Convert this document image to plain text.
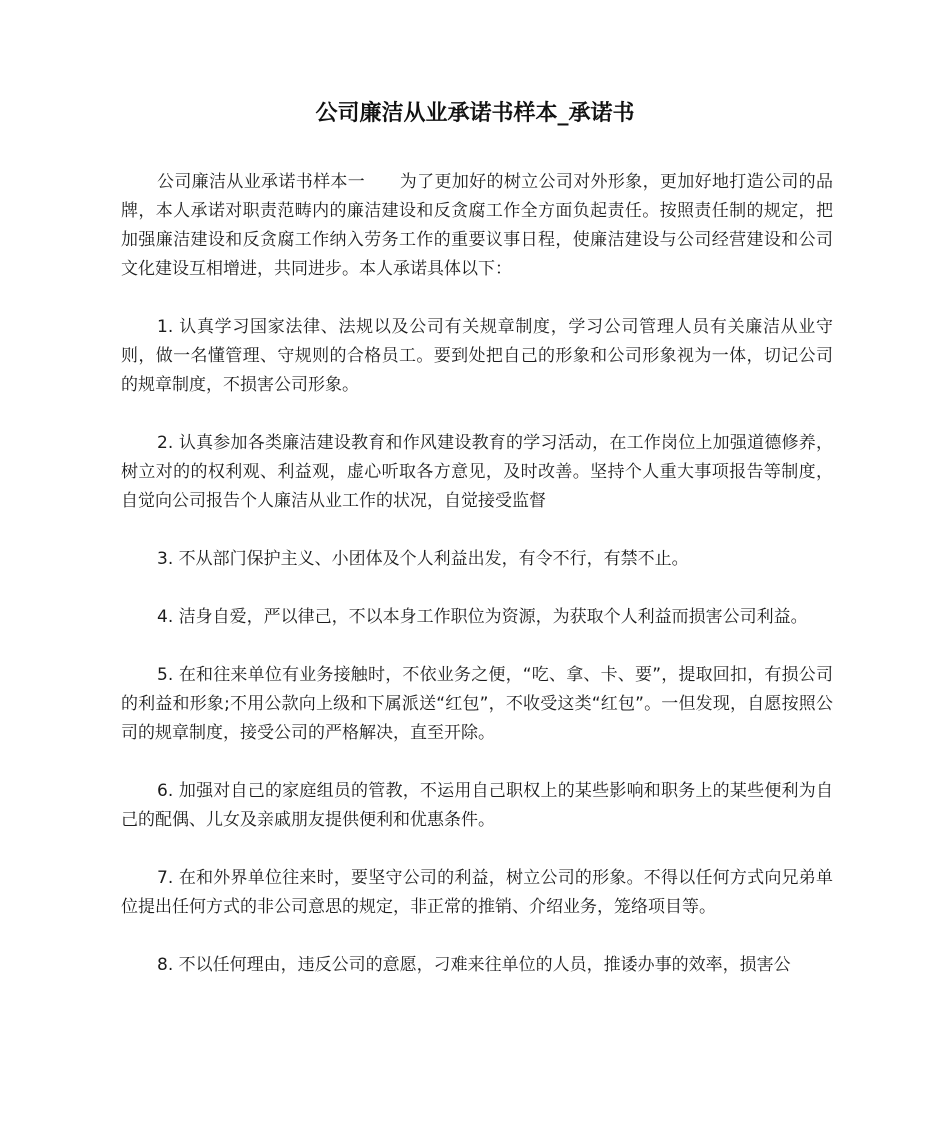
公司廉洁从业承诺书样本_承诺书

公司廉洁从业承诺书样本一　　为了更加好的树立公司对外形象，更加好地打造公司的品牌，本人承诺对职责范畴内的廉洁建设和反贪腐工作全方面负起责任。按照责任制的规定，把加强廉洁建设和反贪腐工作纳入劳务工作的重要议事日程，使廉洁建设与公司经营建设和公司文化建设互相增进，共同进步。本人承诺具体以下：

1. 认真学习国家法律、法规以及公司有关规章制度，学习公司管理人员有关廉洁从业守则，做一名懂管理、守规则的合格员工。要到处把自己的形象和公司形象视为一体，切记公司的规章制度，不损害公司形象。

2. 认真参加各类廉洁建设教育和作风建设教育的学习活动，在工作岗位上加强道德修养，树立对的的权利观、利益观，虚心听取各方意见，及时改善。坚持个人重大事项报告等制度，自觉向公司报告个人廉洁从业工作的状况，自觉接受监督

3. 不从部门保护主义、小团体及个人利益出发，有令不行，有禁不止。

4. 洁身自爱，严以律己，不以本身工作职位为资源，为获取个人利益而损害公司利益。

5. 在和往来单位有业务接触时，不依业务之便，“吃、拿、卡、要”，提取回扣，有损公司的利益和形象;不用公款向上级和下属派送“红包”，不收受这类“红包”。一但发现，自愿按照公司的规章制度，接受公司的严格解决，直至开除。

6. 加强对自己的家庭组员的管教，不运用自己职权上的某些影响和职务上的某些便利为自己的配偶、儿女及亲戚朋友提供便利和优惠条件。

7. 在和外界单位往来时，要坚守公司的利益，树立公司的形象。不得以任何方式向兄弟单位提出任何方式的非公司意思的规定，非正常的推销、介绍业务，笼络项目等。

8. 不以任何理由，违反公司的意愿，刁难来往单位的人员，推诿办事的效率，损害公
